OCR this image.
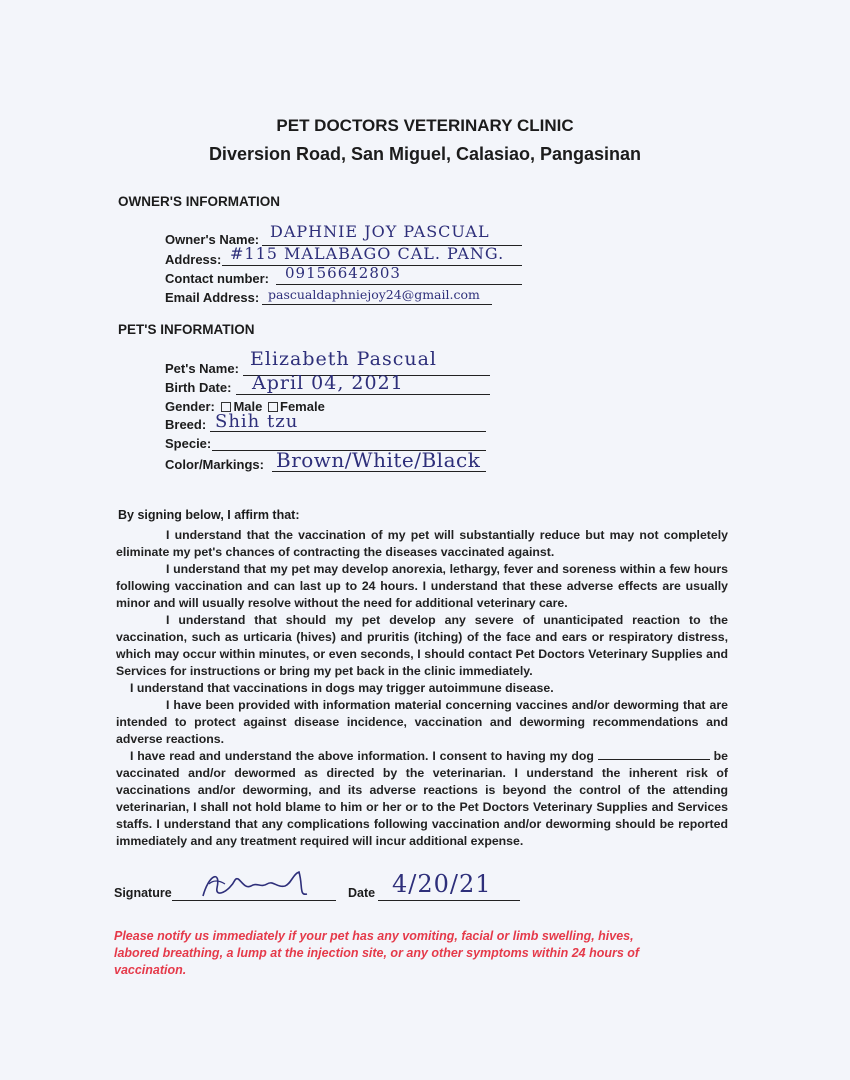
PET DOCTORS VETERINARY CLINIC
Diversion Road, San Miguel, Calasiao, Pangasinan
OWNER'S INFORMATION
Owner's Name: DAPHNIE JOY PASCUAL
Address: #115 MALABAGO CAL. PANG.
Contact number: 09156642803
Email Address: pascualdaphniejoy24@gmail.com
PET'S INFORMATION
Pet's Name: Elizabeth Pascual
Birth Date: April 04, 2021
Gender: Male Female
Breed: Shih tzu
Specie:
Color/Markings: Brown/White/Black
By signing below, I affirm that:

I understand that the vaccination of my pet will substantially reduce but may not completely eliminate my pet's chances of contracting the diseases vaccinated against.

I understand that my pet may develop anorexia, lethargy, fever and soreness within a few hours following vaccination and can last up to 24 hours. I understand that these adverse effects are usually minor and will usually resolve without the need for additional veterinary care.

I understand that should my pet develop any severe of unanticipated reaction to the vaccination, such as urticaria (hives) and pruritis (itching) of the face and ears or respiratory distress, which may occur within minutes, or even seconds, I should contact Pet Doctors Veterinary Supplies and Services for instructions or bring my pet back in the clinic immediately.

I understand that vaccinations in dogs may trigger autoimmune disease.

I have been provided with information material concerning vaccines and/or deworming that are intended to protect against disease incidence, vaccination and deworming recommendations and adverse reactions.

I have read and understand the above information. I consent to having my dog	be vaccinated and/or dewormed as directed by the veterinarian. I understand the inherent risk of vaccinations and/or deworming, and its adverse reactions is beyond the control of the attending veterinarian, I shall not hold blame to him or her or to the Pet Doctors Veterinary Supplies and Services staffs. I understand that any complications following vaccination and/or deworming should be reported immediately and any treatment required will incur additional expense.

Signature	Date 4/20/21
Please notify us immediately if your pet has any vomiting, facial or limb swelling, hives, labored breathing, a lump at the injection site, or any other symptoms within 24 hours of vaccination.
